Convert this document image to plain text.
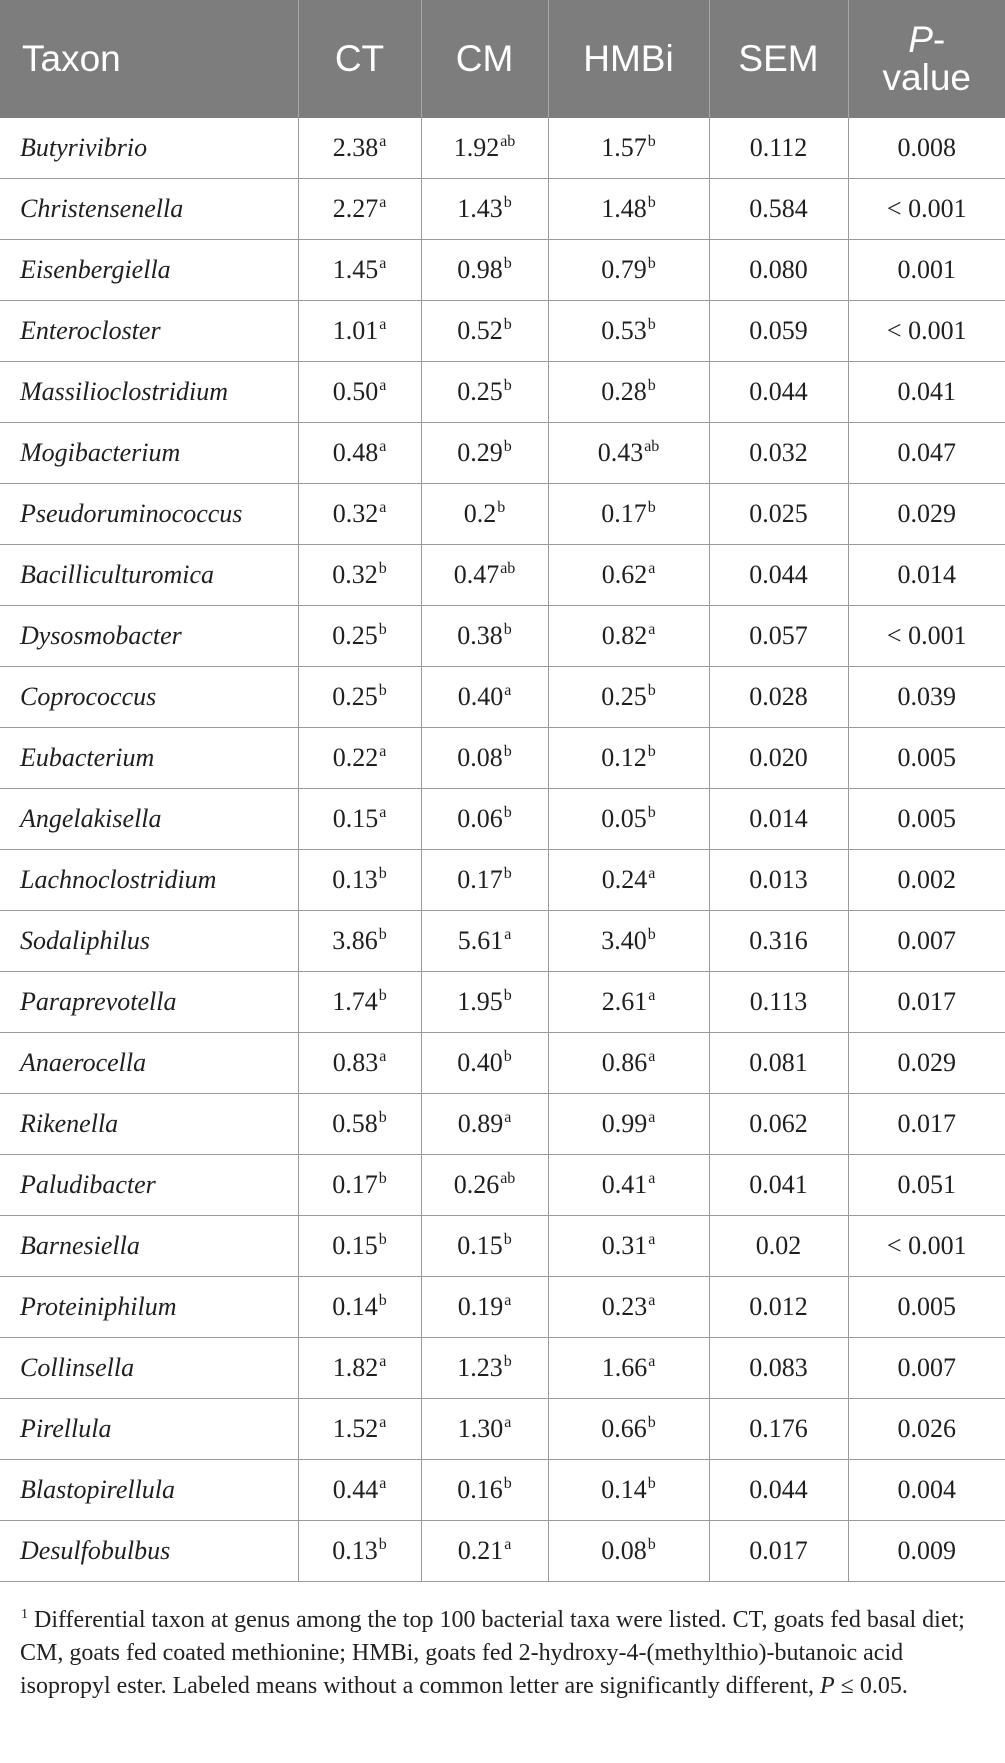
Taxon	CT	CM	HMBi	SEM	P-value
Butyrivibrio	2.38$^a$	1.92$^{ab}$	1.57$^b$	0.112	0.008
Christensenella	2.27$^a$	1.43$^b$	1.48$^b$	0.584	< 0.001
Eisenbergiella	1.45$^a$	0.98$^b$	0.79$^b$	0.080	0.001
Enterocloster	1.01$^a$	0.52$^b$	0.53$^b$	0.059	< 0.001
Massilioclostridium	0.50$^a$	0.25$^b$	0.28$^b$	0.044	0.041
Mogibacterium	0.48$^a$	0.29$^b$	0.43$^{ab}$	0.032	0.047
Pseudoruminococcus	0.32$^a$	0.2$^b$	0.17$^b$	0.025	0.029
Bacilliculturomica	0.32$^b$	0.47$^{ab}$	0.62$^a$	0.044	0.014
Dysosmobacter	0.25$^b$	0.38$^b$	0.82$^a$	0.057	< 0.001
Coprococcus	0.25$^b$	0.40$^a$	0.25$^b$	0.028	0.039
Eubacterium	0.22$^a$	0.08$^b$	0.12$^b$	0.020	0.005
Angelakisella	0.15$^a$	0.06$^b$	0.05$^b$	0.014	0.005
Lachnoclostridium	0.13$^b$	0.17$^b$	0.24$^a$	0.013	0.002
Sodaliphilus	3.86$^b$	5.61$^a$	3.40$^b$	0.316	0.007
Paraprevotella	1.74$^b$	1.95$^b$	2.61$^a$	0.113	0.017
Anaerocella	0.83$^a$	0.40$^b$	0.86$^a$	0.081	0.029
Rikenella	0.58$^b$	0.89$^a$	0.99$^a$	0.062	0.017
Paludibacter	0.17$^b$	0.26$^{ab}$	0.41$^a$	0.041	0.051
Barnesiella	0.15$^b$	0.15$^b$	0.31$^a$	0.02	< 0.001
Proteiniphilum	0.14$^b$	0.19$^a$	0.23$^a$	0.012	0.005
Collinsella	1.82$^a$	1.23$^b$	1.66$^a$	0.083	0.007
Pirellula	1.52$^a$	1.30$^a$	0.66$^b$	0.176	0.026
Blastopirellula	0.44$^a$	0.16$^b$	0.14$^b$	0.044	0.004
Desulfobulbus	0.13$^b$	0.21$^a$	0.08$^b$	0.017	0.009
$^1$ Differential taxon at genus among the top 100 bacterial taxa were listed. CT, goats fed basal diet; CM, goats fed coated methionine; HMBi, goats fed 2-hydroxy-4-(methylthio)-butanoic acid isopropyl ester. Labeled means without a common letter are significantly different, P ≤ 0.05.
